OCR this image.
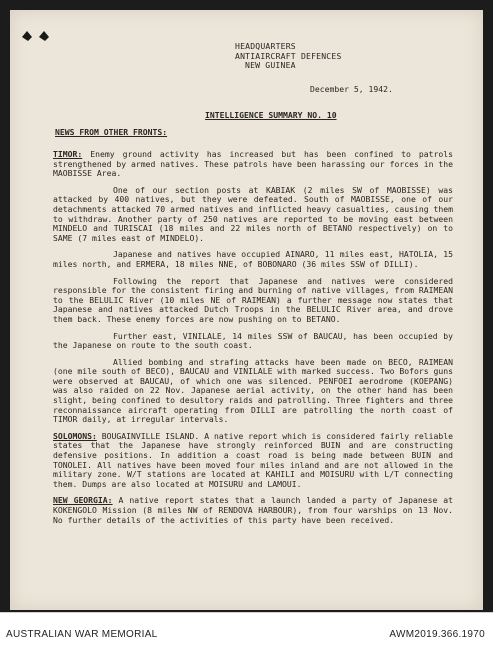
HEADQUARTERS
ANTIAIRCRAFT DEFENCES
NEW GUINEA
December 5, 1942.
INTELLIGENCE SUMMARY NO. 10
NEWS FROM OTHER FRONTS:

TIMOR: Enemy ground activity has increased but has been confined to patrols strengthened by armed natives. These patrols have been harassing our forces in the MAOBISSE Area.

One of our section posts at KABIAK (2 miles SW of MAOBISSE) was attacked by 400 natives, but they were defeated. South of MAOBISSE, one of our detachments attacked 70 armed natives and inflicted heavy casualties, causing them to withdraw. Another party of 250 natives are reported to be moving east between MINDELO and TURISCAI (18 miles and 22 miles north of BETANO respectively) on to SAME (7 miles east of MINDELO).

Japanese and natives have occupied AINARO, 11 miles east, HATOLIA, 15 miles north, and ERMERA, 18 miles NNE, of BOBONARO (36 miles SSW of DILLI).

Following the report that Japanese and natives were considered responsible for the consistent firing and burning of native villages, from RAIMEAN to the BELULIC River (10 miles NE of RAIMEAN) a further message now states that Japanese and natives attacked Dutch Troops in the BELULIC River area, and drove them back. These enemy forces are now pushing on to BETANO.

Further east, VINILALE, 14 miles SSW of BAUCAU, has been occupied by the Japanese on route to the south coast.

Allied bombing and strafing attacks have been made on BECO, RAIMEAN (one mile south of BECO), BAUCAU and VINILALE with marked success. Two Bofors guns were observed at BAUCAU, of which one was silenced. PENFOEI aerodrome (KOEPANG) was also raided on 22 Nov. Japanese aerial activity, on the other hand has been slight, being confined to desultory raids and patrolling. Three fighters and three reconnaissance aircraft operating from DILLI are patrolling the north coast of TIMOR daily, at irregular intervals.

SOLOMONS: BOUGAINVILLE ISLAND. A native report which is considered fairly reliable states that the Japanese have strongly reinforced BUIN and are constructing defensive positions. In addition a coast road is being made between BUIN and TONOLEI. All natives have been moved four miles inland and are not allowed in the military zone. W/T stations are located at KAHILI and MOISURU with L/T connecting them. Dumps are also located at MOISURU and LAMOUI.

NEW GEORGIA: A native report states that a launch landed a party of Japanese at KOKENGOLO Mission (8 miles NW of RENDOVA HARBOUR), from four warships on 13 Nov. No further details of the activities of this party have been received.

AUSTRALIAN WAR MEMORIAL	AWM2019.366.1970
